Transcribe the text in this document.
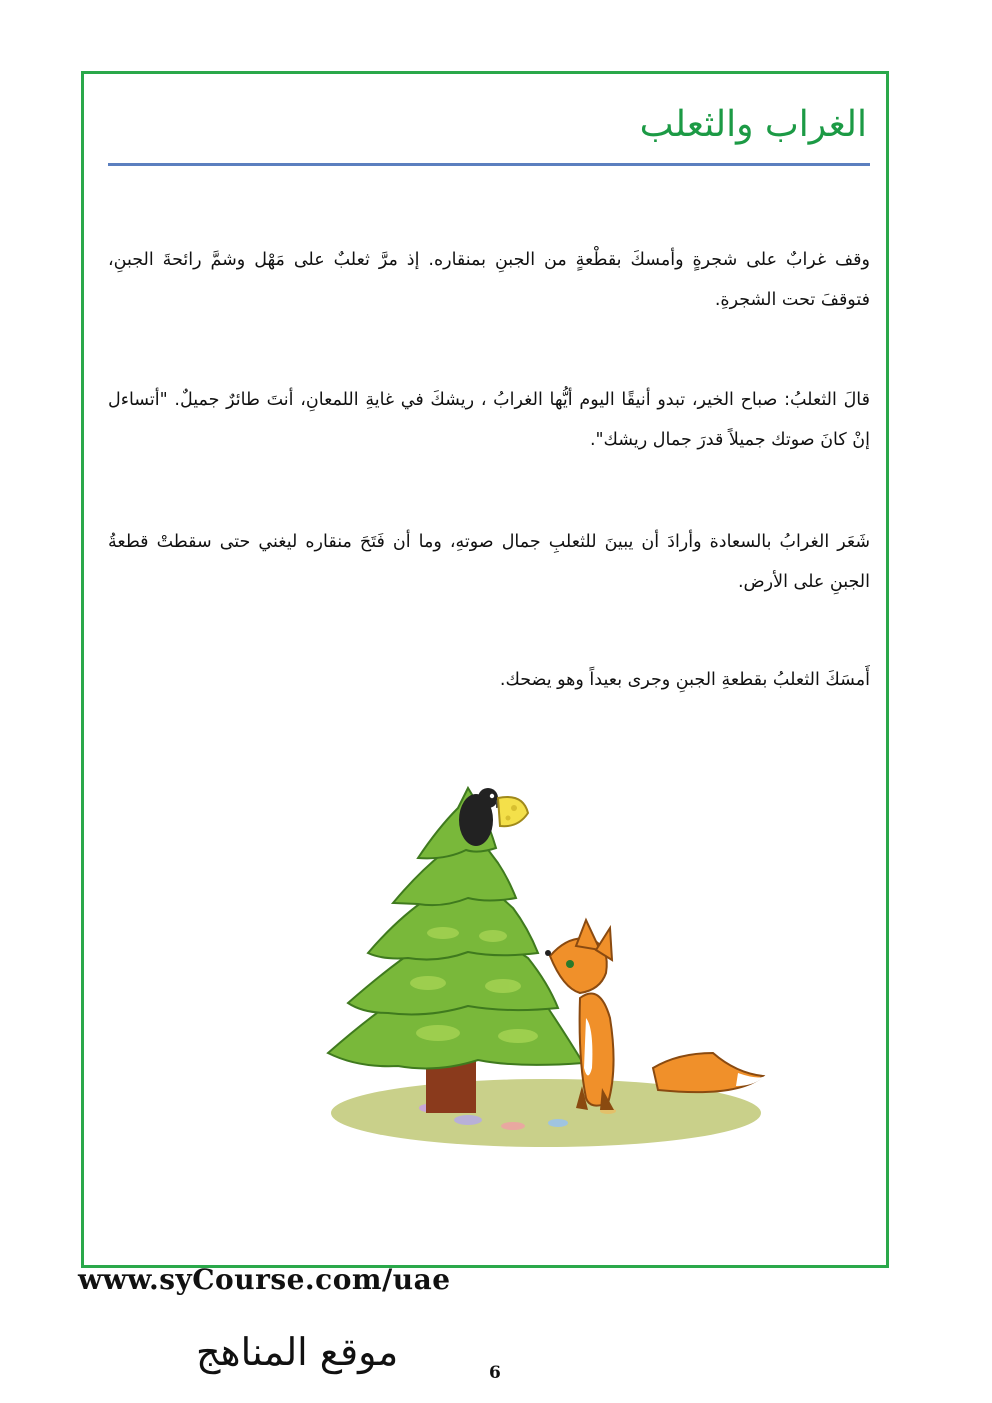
الغراب والثعلب

وقف غرابٌ على شجرةٍ وأمسكَ بقطْعةٍ من الجبنِ بمنقاره. إذ مرَّ ثعلبٌ على مَهْل وشمَّ رائحةَ الجبنِ، فتوقفَ تحت الشجرةِ.

قالَ الثعلبُ: صباح الخير، تبدو أنيقًا اليوم أيُّها الغرابُ ، ريشكَ في غايةِ اللمعانِ، أنتَ طائرٌ جميلٌ. "أتساءل إنْ كانَ صوتك جميلاً قدرَ جمال ريشك".

شَعَر الغرابُ بالسعادة وأرادَ أن يبينَ للثعلبِ جمال صوتهِ، وما أن فَتَحَ منقاره ليغني حتى سقطتْ قطعةُ الجبنِ على الأرض.

أَمسَكَ الثعلبُ بقطعةِ الجبنِ وجرى بعيداً وهو يضحك.

www.syCourse.com/uae

موقع المناهج	6
